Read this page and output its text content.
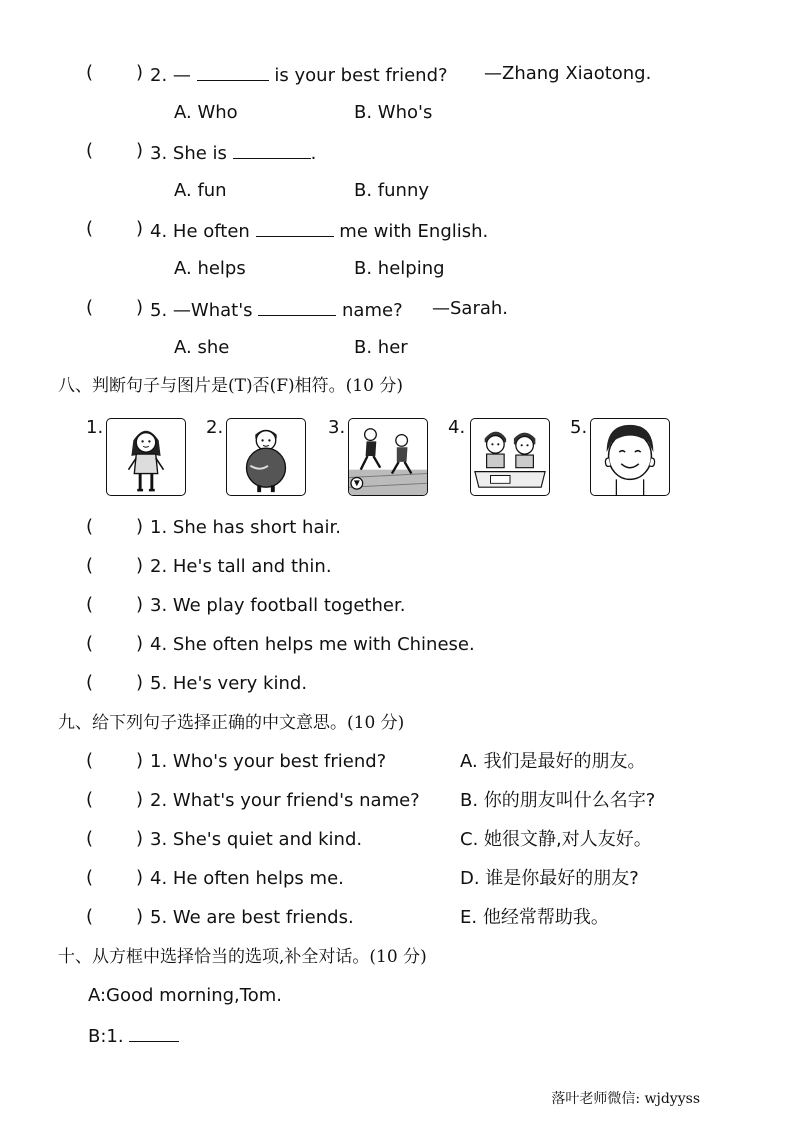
( ) 2. —	is your best friend? —Zhang Xiaotong.
A. Who	B. Who's
( ) 3. She is	.
A. fun	B. funny
( ) 4. He often	me with English.
A. helps	B. helping
( ) 5. —What's	name? —Sarah.
A. she	B. her
八、判断句子与图片是(T)否(F)相符。(10 分)
1.	2.	3.	4.	5.
( ) 1. She has short hair.
( ) 2. He's tall and thin.
( ) 3. We play football together.
( ) 4. She often helps me with Chinese.
( ) 5. He's very kind.
九、给下列句子选择正确的中文意思。(10 分)
( ) 1. Who's your best friend?	A. 我们是最好的朋友。
( ) 2. What's your friend's name? B. 你的朋友叫什么名字?
( ) 3. She's quiet and kind.	C. 她很文静,对人友好。
( ) 4. He often helps me.	D. 谁是你最好的朋友?
( ) 5. We are best friends.	E. 他经常帮助我。
十、从方框中选择恰当的选项,补全对话。(10 分)
A:Good morning,Tom.
B:1.
落叶老师微信: wjdyyss
